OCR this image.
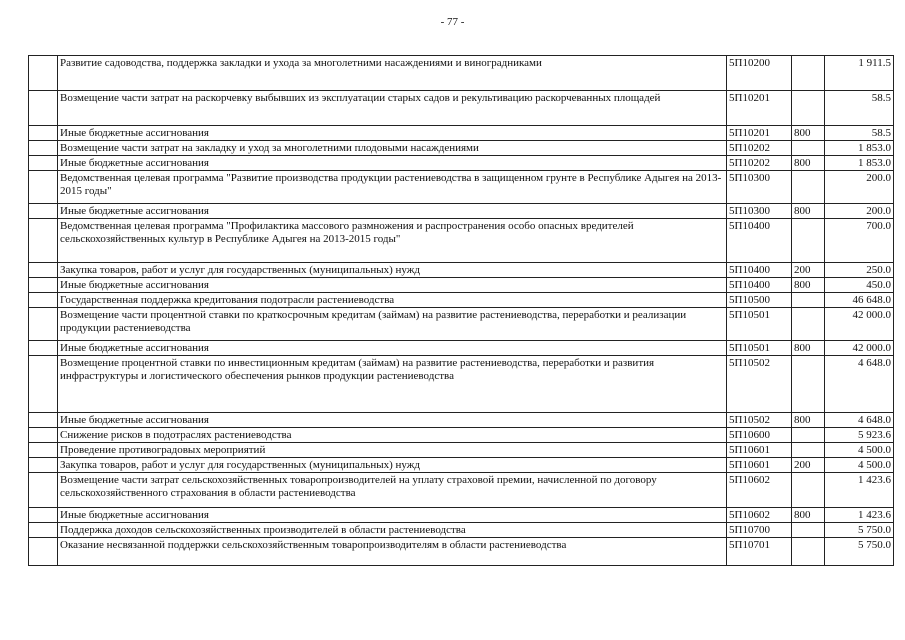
- 77 -
	Развитие садоводства, поддержка закладки и ухода за многолетними насаждениями и виноградниками	5П10200		1 911.5
	Возмещение части затрат на раскорчевку выбывших из эксплуатации старых садов и рекультивацию раскорчеванных площадей	5П10201		58.5
	Иные бюджетные ассигнования	5П10201	800	58.5
	Возмещение части затрат на закладку и уход за многолетними плодовыми насаждениями	5П10202		1 853.0
	Иные бюджетные ассигнования	5П10202	800	1 853.0
	Ведомственная целевая программа "Развитие производства продукции растениеводства в защищенном грунте в Республике Адыгея на 2013-2015 годы"	5П10300		200.0
	Иные бюджетные ассигнования	5П10300	800	200.0
	Ведомственная целевая программа "Профилактика массового размножения и распространения особо опасных вредителей сельскохозяйственных культур в Республике Адыгея на 2013-2015 годы"	5П10400		700.0
	Закупка товаров, работ и услуг для государственных (муниципальных) нужд	5П10400	200	250.0
	Иные бюджетные ассигнования	5П10400	800	450.0
	Государственная поддержка кредитования подотрасли растениеводства	5П10500		46 648.0
	Возмещение части процентной ставки по краткосрочным кредитам (займам) на развитие растениеводства, переработки и реализации продукции растениеводства	5П10501		42 000.0
	Иные бюджетные ассигнования	5П10501	800	42 000.0
	Возмещение процентной ставки по инвестиционным кредитам (займам) на развитие растениеводства, переработки и развития инфраструктуры и логистического обеспечения рынков продукции растениеводства	5П10502		4 648.0
	Иные бюджетные ассигнования	5П10502	800	4 648.0
	Снижение рисков в подотраслях растениеводства	5П10600		5 923.6
	Проведение противоградовых мероприятий	5П10601		4 500.0
	Закупка товаров, работ и услуг для государственных (муниципальных) нужд	5П10601	200	4 500.0
	Возмещение части затрат сельскохозяйственных товаропроизводителей на уплату страховой премии, начисленной по договору сельскохозяйственного страхования в области растениеводства	5П10602		1 423.6
	Иные бюджетные ассигнования	5П10602	800	1 423.6
	Поддержка доходов сельскохозяйственных производителей в области растениеводства	5П10700		5 750.0
	Оказание несвязанной поддержки сельскохозяйственным товаропроизводителям в области растениеводства	5П10701		5 750.0
